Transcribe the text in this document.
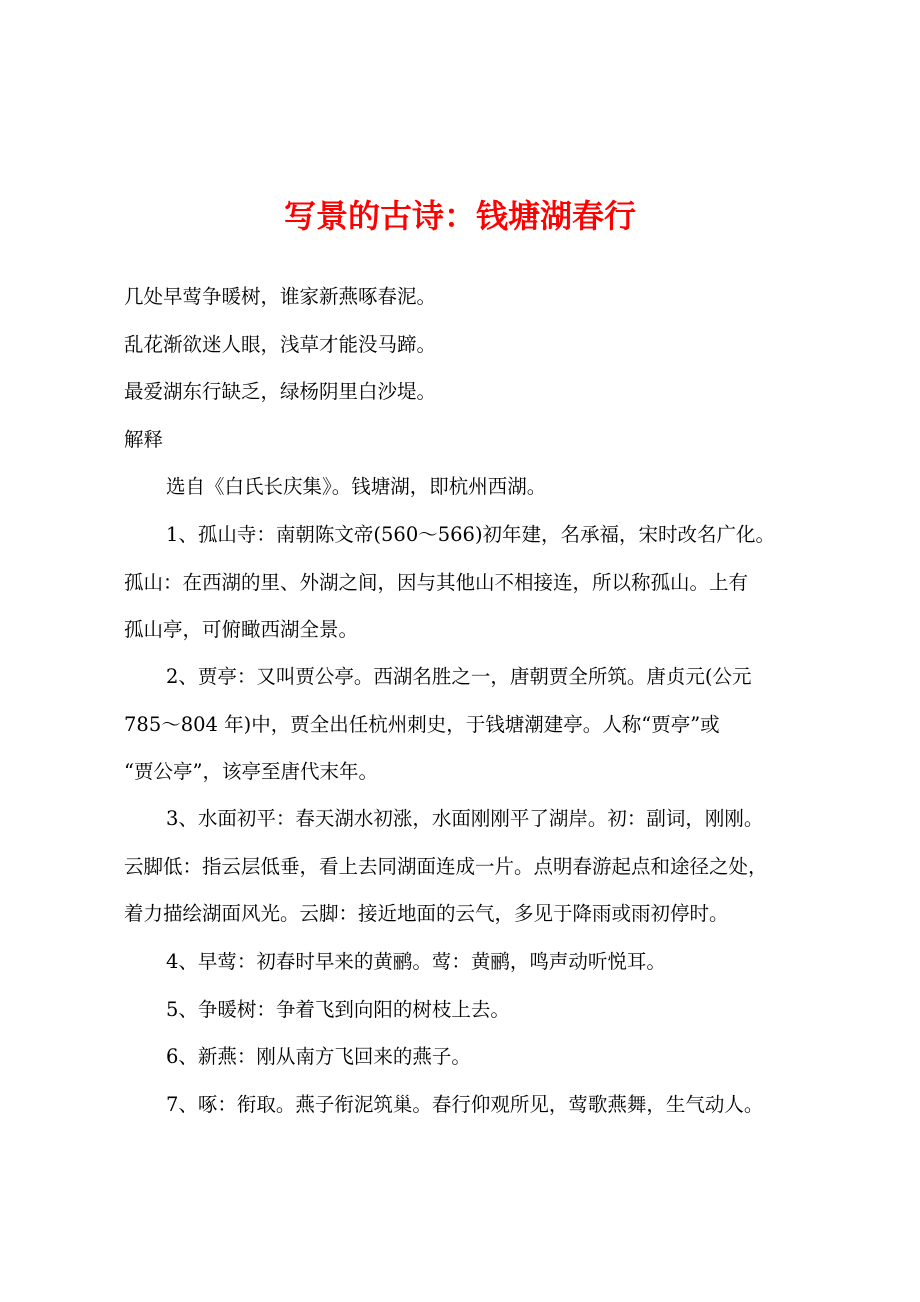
写景的古诗：钱塘湖春行

几处早莺争暖树，谁家新燕啄春泥。

乱花渐欲迷人眼，浅草才能没马蹄。

最爱湖东行缺乏，绿杨阴里白沙堤。

解释

选自《白氏长庆集》。钱塘湖，即杭州西湖。
1、孤山寺：南朝陈文帝(560～566)初年建，名承福，宋时改名广化。
孤山：在西湖的里、外湖之间，因与其他山不相接连，所以称孤山。上有
孤山亭，可俯瞰西湖全景。
2、贾亭：又叫贾公亭。西湖名胜之一，唐朝贾全所筑。唐贞元(公元
785～804 年)中，贾全出任杭州刺史，于钱塘潮建亭。人称“贾亭”或
“贾公亭”，该亭至唐代末年。
3、水面初平：春天湖水初涨，水面刚刚平了湖岸。初：副词，刚刚。
云脚低：指云层低垂，看上去同湖面连成一片。点明春游起点和途径之处，
着力描绘湖面风光。云脚：接近地面的云气，多见于降雨或雨初停时。
4、早莺：初春时早来的黄鹂。莺：黄鹂，鸣声动听悦耳。
5、争暖树：争着飞到向阳的树枝上去。
6、新燕：刚从南方飞回来的燕子。
7、啄：衔取。燕子衔泥筑巢。春行仰观所见，莺歌燕舞，生气动人。
